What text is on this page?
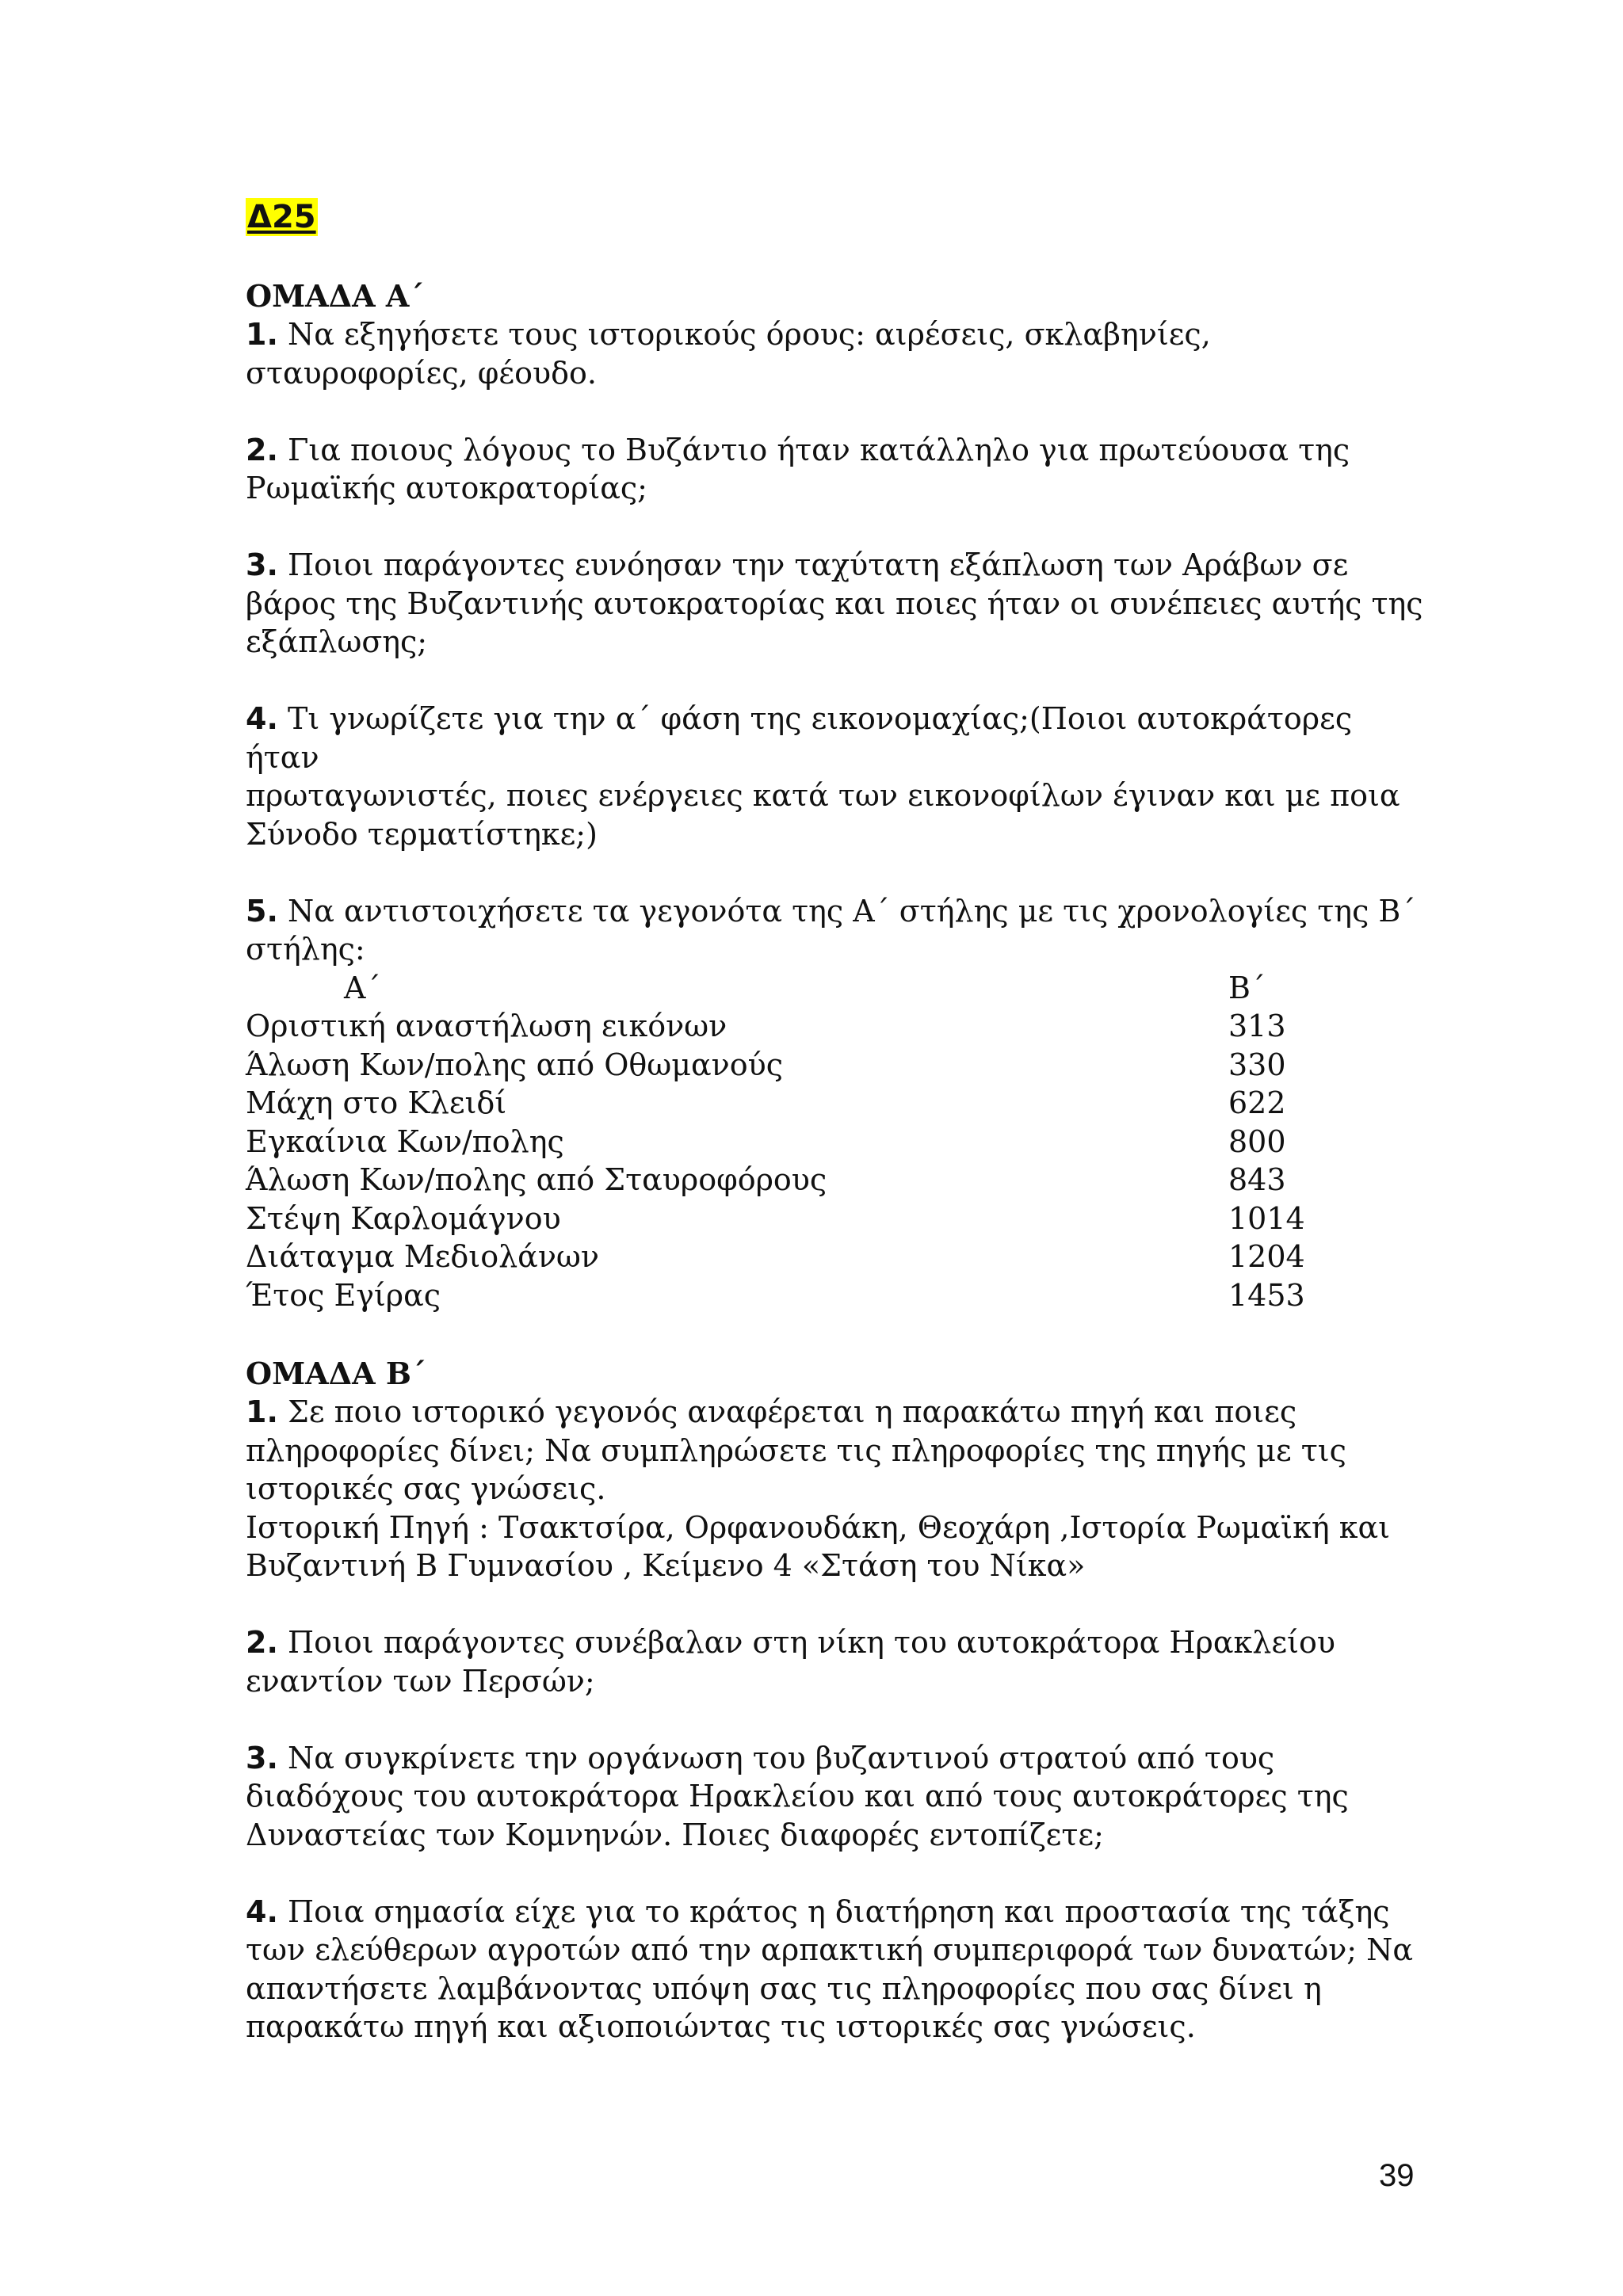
Δ25
ΟΜΑΔΑ Α΄
1. Να εξηγήσετε τους ιστορικούς όρους: αιρέσεις, σκλαβηνίες,
σταυροφορίες, φέουδο.
2. Για ποιους λόγους το Βυζάντιο ήταν κατάλληλο για πρωτεύουσα της
Ρωμαϊκής αυτοκρατορίας;
3. Ποιοι παράγοντες ευνόησαν την ταχύτατη εξάπλωση των Αράβων σε
βάρος της Βυζαντινής αυτοκρατορίας και ποιες ήταν οι συνέπειες αυτής της
εξάπλωσης;
4. Τι γνωρίζετε για την α΄ φάση της εικονομαχίας;(Ποιοι αυτοκράτορες ήταν
πρωταγωνιστές, ποιες ενέργειες κατά των εικονοφίλων έγιναν και με ποια
Σύνοδο τερματίστηκε;)
5. Να αντιστοιχήσετε τα γεγονότα της Α΄ στήλης με τις χρονολογίες της Β΄
στήλης:
Α΄	Β΄
Οριστική αναστήλωση εικόνων	313
Άλωση Κων/πολης από Οθωμανούς	330
Μάχη στο Κλειδί	622
Εγκαίνια Κων/πολης	800
Άλωση Κων/πολης από Σταυροφόρους	843
Στέψη Καρλομάγνου	1014
Διάταγμα Μεδιολάνων	1204
Έτος Εγίρας	1453
ΟΜΑΔΑ Β΄
1. Σε ποιο ιστορικό γεγονός αναφέρεται η παρακάτω πηγή και ποιες
πληροφορίες δίνει; Να συμπληρώσετε τις πληροφορίες της πηγής με τις
ιστορικές σας γνώσεις.
Ιστορική Πηγή : Τσακτσίρα, Ορφανουδάκη, Θεοχάρη ,Ιστορία Ρωμαϊκή και
Βυζαντινή Β Γυμνασίου , Κείμενο 4 «Στάση του Νίκα»
2. Ποιοι παράγοντες συνέβαλαν στη νίκη του αυτοκράτορα Ηρακλείου
εναντίον των Περσών;
3. Να συγκρίνετε την οργάνωση του βυζαντινού στρατού από τους
διαδόχους του αυτοκράτορα Ηρακλείου και από τους αυτοκράτορες της
Δυναστείας των Κομνηνών. Ποιες διαφορές εντοπίζετε;
4. Ποια σημασία είχε για το κράτος η διατήρηση και προστασία της τάξης
των ελεύθερων αγροτών από την αρπακτική συμπεριφορά των δυνατών; Να
απαντήσετε λαμβάνοντας υπόψη σας τις πληροφορίες που σας δίνει η
παρακάτω πηγή και αξιοποιώντας τις ιστορικές σας γνώσεις.
39
